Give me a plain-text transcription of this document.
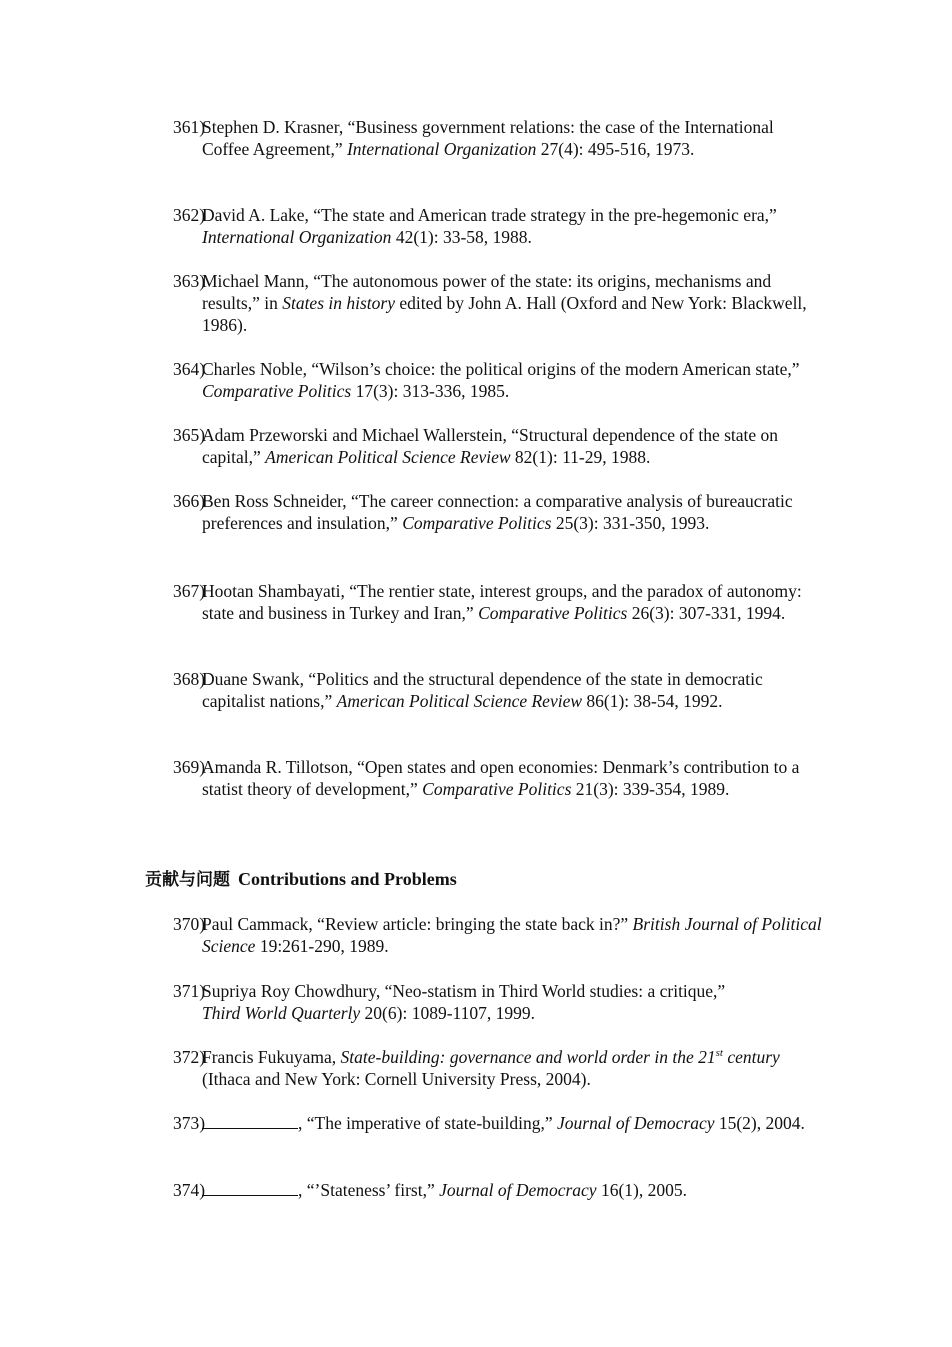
361)
Stephen D. Krasner, “Business government relations: the case of the International Coffee Agreement,” International Organization 27(4): 495-516, 1973.
362)
David A. Lake, “The state and American trade strategy in the pre-hegemonic era,” International Organization 42(1): 33-58, 1988.
363)
Michael Mann, “The autonomous power of the state: its origins, mechanisms and results,” in States in history edited by John A. Hall (Oxford and New York: Blackwell, 1986).
364)
Charles Noble, “Wilson’s choice: the political origins of the modern American state,” Comparative Politics 17(3): 313-336, 1985.
365)
Adam Przeworski and Michael Wallerstein, “Structural dependence of the state on capital,” American Political Science Review 82(1): 11-29, 1988.
366)
Ben Ross Schneider, “The career connection: a comparative analysis of bureaucratic preferences and insulation,” Comparative Politics 25(3): 331-350, 1993.
367)
Hootan Shambayati, “The rentier state, interest groups, and the paradox of autonomy: state and business in Turkey and Iran,” Comparative Politics 26(3): 307-331, 1994.
368)
Duane Swank, “Politics and the structural dependence of the state in democratic capitalist nations,” American Political Science Review 86(1): 38-54, 1992.
369)
Amanda R. Tillotson, “Open states and open economies: Denmark’s contribution to a statist theory of development,” Comparative Politics 21(3): 339-354, 1989.
贡献与问题 Contributions and Problems
370)
Paul Cammack, “Review article: bringing the state back in?” British Journal of Political Science 19:261-290, 1989.
371)
Supriya Roy Chowdhury, “Neo-statism in Third World studies: a critique,”
Third World Quarterly 20(6): 1089-1107, 1999.
372)
Francis Fukuyama, State-building: governance and world order in the 21st century (Ithaca and New York: Cornell University Press, 2004).
373)	, “The imperative of state-building,” Journal of Democracy 15(2), 2004.
374)	, “’Stateness’ first,” Journal of Democracy 16(1), 2005.
